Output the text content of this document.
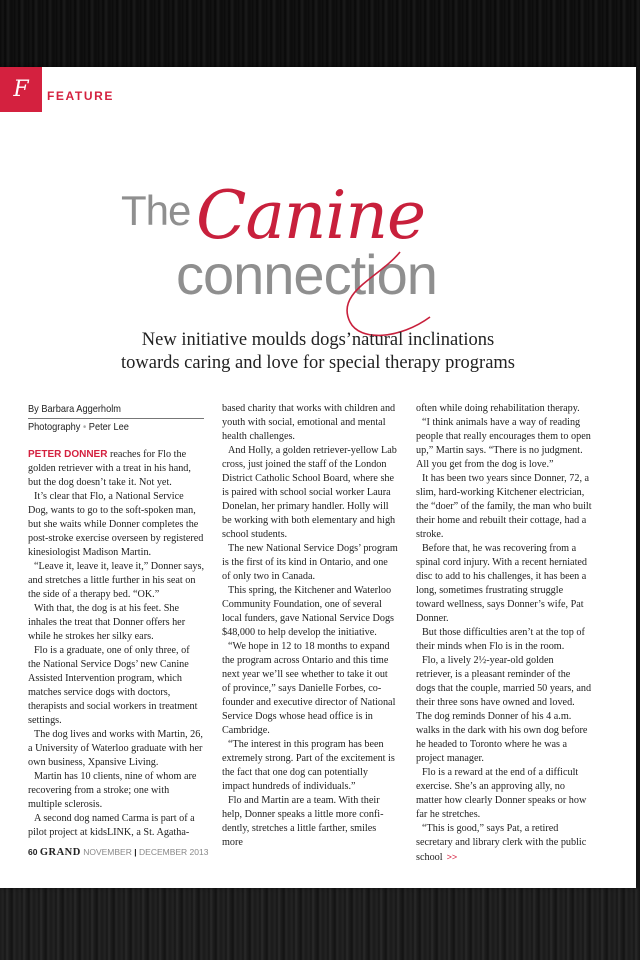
F FEATURE
The Canine
connection
New initiative moulds dogs’natural inclinations
towards caring and love for special therapy programs
By Barbara Aggerholm
Photography • Peter Lee

PETER DONNER reaches for Flo the golden retriever with a treat in his hand, but the dog doesn’t take it. Not yet.

It’s clear that Flo, a National Service Dog, wants to go to the soft-spoken man, but she waits while Donner completes the post-stroke exercise overseen by registered kinesiologist Madison Martin.

“Leave it, leave it, leave it,” Donner says, and stretches a little further in his seat on the side of a therapy bed. “OK.”

With that, the dog is at his feet. She inhales the treat that Donner offers her while he strokes her silky ears.

Flo is a graduate, one of only three, of the National Service Dogs’ new Canine Assisted Intervention program, which matches service dogs with doctors, therapists and social workers in treatment settings.

The dog lives and works with Martin, 26, a University of Waterloo graduate with her own business, Xpansive Living.

Martin has 10 clients, nine of whom are recovering from a stroke; one with multiple sclerosis.

A second dog named Carma is part of a pilot project at kidsLINK, a St. Agatha-

based charity that works with children and youth with social, emotional and mental health challenges.

And Holly, a golden retriever-yellow Lab cross, just joined the staff of the London District Catholic School Board, where she is paired with school social worker Laura Donelan, her primary handler. Holly will be working with both elementary and high school students.

The new National Service Dogs’ program is the first of its kind in Ontario, and one of only two in Canada.

This spring, the Kitchener and Waterloo Community Foundation, one of several local funders, gave National Service Dogs $48,000 to help develop the initiative.

“We hope in 12 to 18 months to expand the program across Ontario and this time next year we’ll see whether to take it out of province,” says Danielle Forbes, co-founder and executive director of National Service Dogs whose head office is in Cambridge.

“The interest in this program has been extremely strong. Part of the excitement is the fact that one dog can potentially impact hundreds of individuals.”

Flo and Martin are a team. With their help, Donner speaks a little more confi-dently, stretches a little farther, smiles more

often while doing rehabilitation therapy.

“I think animals have a way of reading people that really encourages them to open up,” Martin says. “There is no judgment. All you get from the dog is love.”

It has been two years since Donner, 72, a slim, hard-working Kitchener electrician, the “doer” of the family, the man who built their home and rebuilt their cottage, had a stroke.

Before that, he was recovering from a spinal cord injury. With a recent herniated disc to add to his challenges, it has been a long, sometimes frustrating struggle toward wellness, says Donner’s wife, Pat Donner.

But those difficulties aren’t at the top of their minds when Flo is in the room.

Flo, a lively 2½-year-old golden retriever, is a pleasant reminder of the dogs that the couple, married 50 years, and their three sons have owned and loved. The dog reminds Donner of his 4 a.m. walks in the dark with his own dog before he headed to Toronto where he was a project manager.

Flo is a reward at the end of a difficult exercise. She’s an approving ally, no matter how clearly Donner speaks or how far he stretches.

“This is good,” says Pat, a retired secretary and library clerk with the public school >>

60 GRAND NOVEMBER | DECEMBER 2013
